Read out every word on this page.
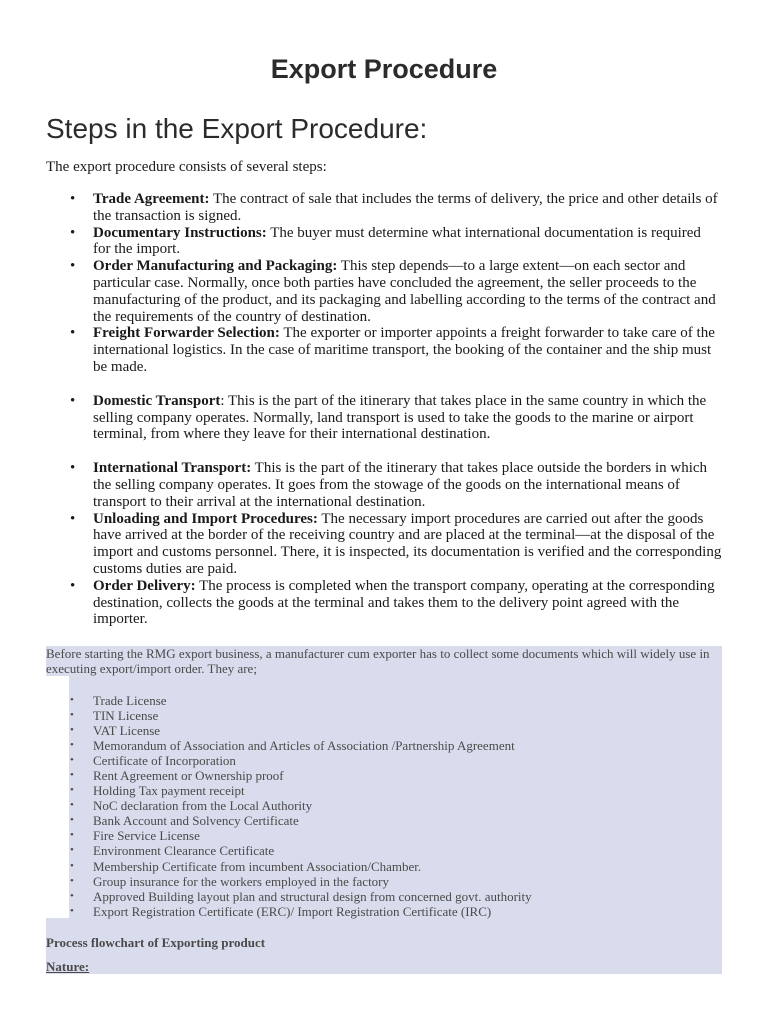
Export Procedure
Steps in the Export Procedure:

The export procedure consists of several steps:

• Trade Agreement: The contract of sale that includes the terms of delivery, the price and other details of the transaction is signed.
• Documentary Instructions: The buyer must determine what international documentation is required for the import.
• Order Manufacturing and Packaging: This step depends—to a large extent—on each sector and particular case. Normally, once both parties have concluded the agreement, the seller proceeds to the manufacturing of the product, and its packaging and labelling according to the terms of the contract and the requirements of the country of destination.
• Freight Forwarder Selection: The exporter or importer appoints a freight forwarder to take care of the international logistics. In the case of maritime transport, the booking of the container and the ship must be made.
• Domestic Transport: This is the part of the itinerary that takes place in the same country in which the selling company operates. Normally, land transport is used to take the goods to the marine or airport terminal, from where they leave for their international destination.
• International Transport: This is the part of the itinerary that takes place outside the borders in which the selling company operates. It goes from the stowage of the goods on the international means of transport to their arrival at the international destination.
• Unloading and Import Procedures: The necessary import procedures are carried out after the goods have arrived at the border of the receiving country and are placed at the terminal—at the disposal of the import and customs personnel. There, it is inspected, its documentation is verified and the corresponding customs duties are paid.
• Order Delivery: The process is completed when the transport company, operating at the corresponding destination, collects the goods at the terminal and takes them to the delivery point agreed with the importer.

Before starting the RMG export business, a manufacturer cum exporter has to collect some documents which will widely use in executing export/import order. They are;

• Trade License
• TIN License
• VAT License
• Memorandum of Association and Articles of Association /Partnership Agreement
• Certificate of Incorporation
• Rent Agreement or Ownership proof
• Holding Tax payment receipt
• NoC declaration from the Local Authority
• Bank Account and Solvency Certificate
• Fire Service License
• Environment Clearance Certificate
• Membership Certificate from incumbent Association/Chamber.
• Group insurance for the workers employed in the factory
• Approved Building layout plan and structural design from concerned govt. authority
• Export Registration Certificate (ERC)/ Import Registration Certificate (IRC)

Process flowchart of Exporting product

Nature:
